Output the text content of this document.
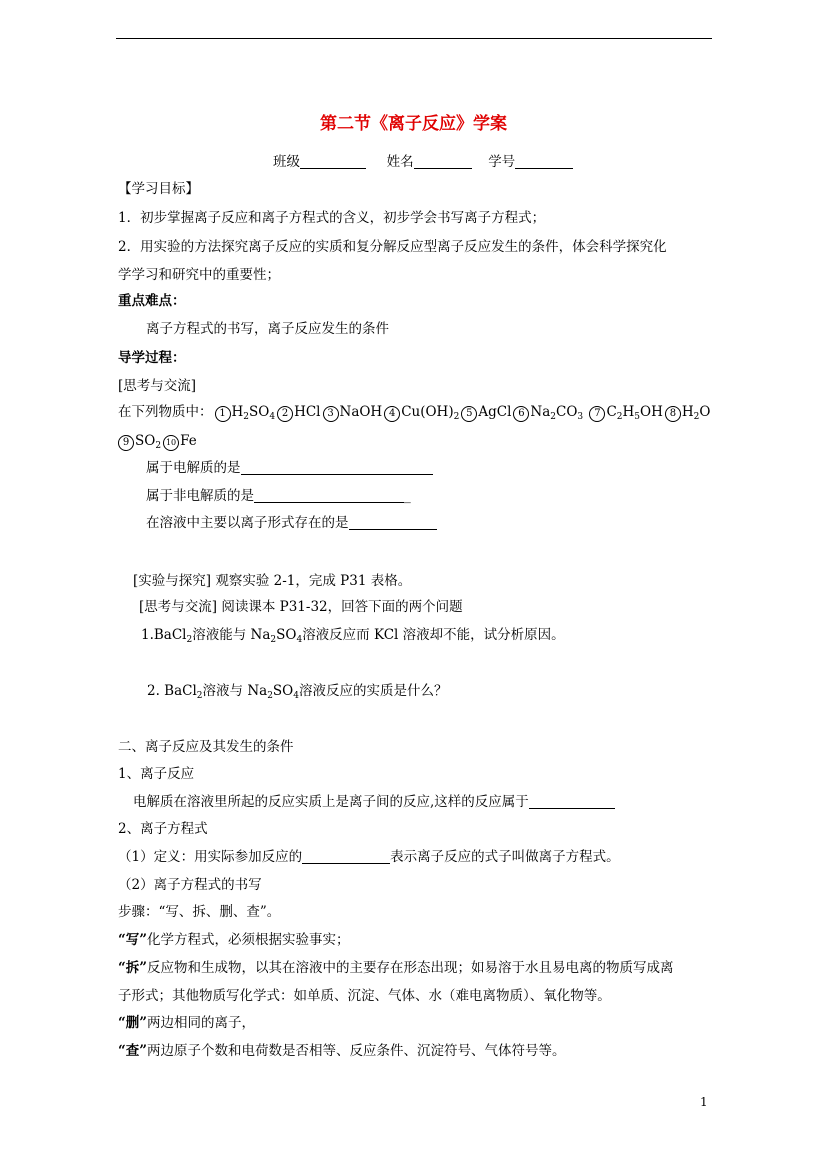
第二节《离子反应》学案
班级	姓名	学号
【学习目标】
1．初步掌握离子反应和离子方程式的含义，初步学会书写离子方程式；
2．用实验的方法探究离子反应的实质和复分解反应型离子反应发生的条件，体会科学探究化
学学习和研究中的重要性；
重点难点：
离子方程式的书写，离子反应发生的条件
导学过程：
[思考与交流]
在下列物质中： 1 $H_2SO_4$ 2 HCl 3 NaOH 4 $Cu(OH)_2$ 5 AgCl 6 $Na_2CO_3$ 7 $C_2H_5OH$ 8 $H_2O$
9 $SO_2$ 10 Fe
属于电解质的是
属于非电解质的是	_
在溶液中主要以离子形式存在的是
[实验与探究] 观察实验 2-1，完成 P31 表格。
[思考与交流] 阅读课本 P31-32，回答下面的两个问题
1.BaCl$_2$溶液能与 $Na_2SO_4$溶液反应而 KCl 溶液却不能，试分析原因。
2. BaCl$_2$溶液与 $Na_2SO_4$溶液反应的实质是什么？
二、离子反应及其发生的条件
1、离子反应
电解质在溶液里所起的反应实质上是离子间的反应,这样的反应属于
2、离子方程式
（1）定义：用实际参加反应的	表示离子反应的式子叫做离子方程式。
（2）离子方程式的书写
步骤：“写、拆、删、查”。
“写”化学方程式，必须根据实验事实；
“拆”反应物和生成物，以其在溶液中的主要存在形态出现；如易溶于水且易电离的物质写成离
子形式；其他物质写化学式：如单质、沉淀、气体、水（难电离物质）、氧化物等。
“删”两边相同的离子，
“查”两边原子个数和电荷数是否相等、反应条件、沉淀符号、气体符号等。
1
